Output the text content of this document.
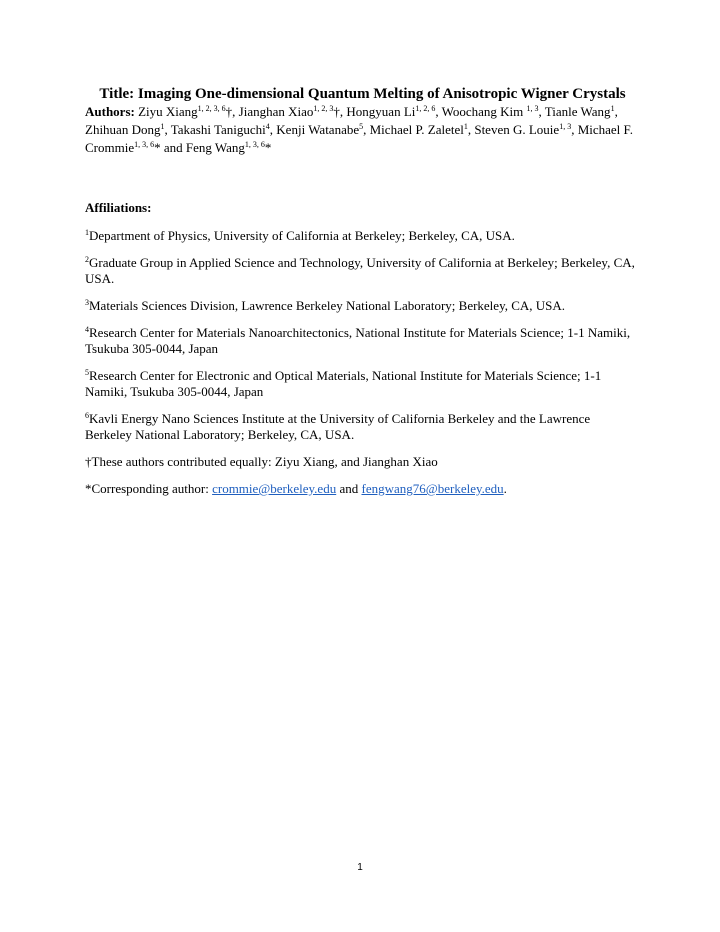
Title: Imaging One-dimensional Quantum Melting of Anisotropic Wigner Crystals

Authors: Ziyu Xiang$^{1, 2, 3, 6}$†, Jianghan Xiao$^{1, 2, 3}$†, Hongyuan Li$^{1, 2, 6}$, Woochang Kim $^{1, 3}$, Tianle Wang$^1$, Zhihuan Dong$^1$, Takashi Taniguchi$^4$, Kenji Watanabe$^5$, Michael P. Zaletel$^1$, Steven G. Louie$^{1, 3}$, Michael F. Crommie$^{1, 3, 6}$* and Feng Wang$^{1, 3, 6}$*

Affiliations:

$^1$Department of Physics, University of California at Berkeley; Berkeley, CA, USA.

$^2$Graduate Group in Applied Science and Technology, University of California at Berkeley; Berkeley, CA, USA.

$^3$Materials Sciences Division, Lawrence Berkeley National Laboratory; Berkeley, CA, USA.

$^4$Research Center for Materials Nanoarchitectonics, National Institute for Materials Science; 1-1 Namiki, Tsukuba 305-0044, Japan

$^5$Research Center for Electronic and Optical Materials, National Institute for Materials Science; 1-1 Namiki, Tsukuba 305-0044, Japan

$^6$Kavli Energy Nano Sciences Institute at the University of California Berkeley and the Lawrence Berkeley National Laboratory; Berkeley, CA, USA.

†These authors contributed equally: Ziyu Xiang, and Jianghan Xiao

*Corresponding author: crommie@berkeley.edu and fengwang76@berkeley.edu.

1
